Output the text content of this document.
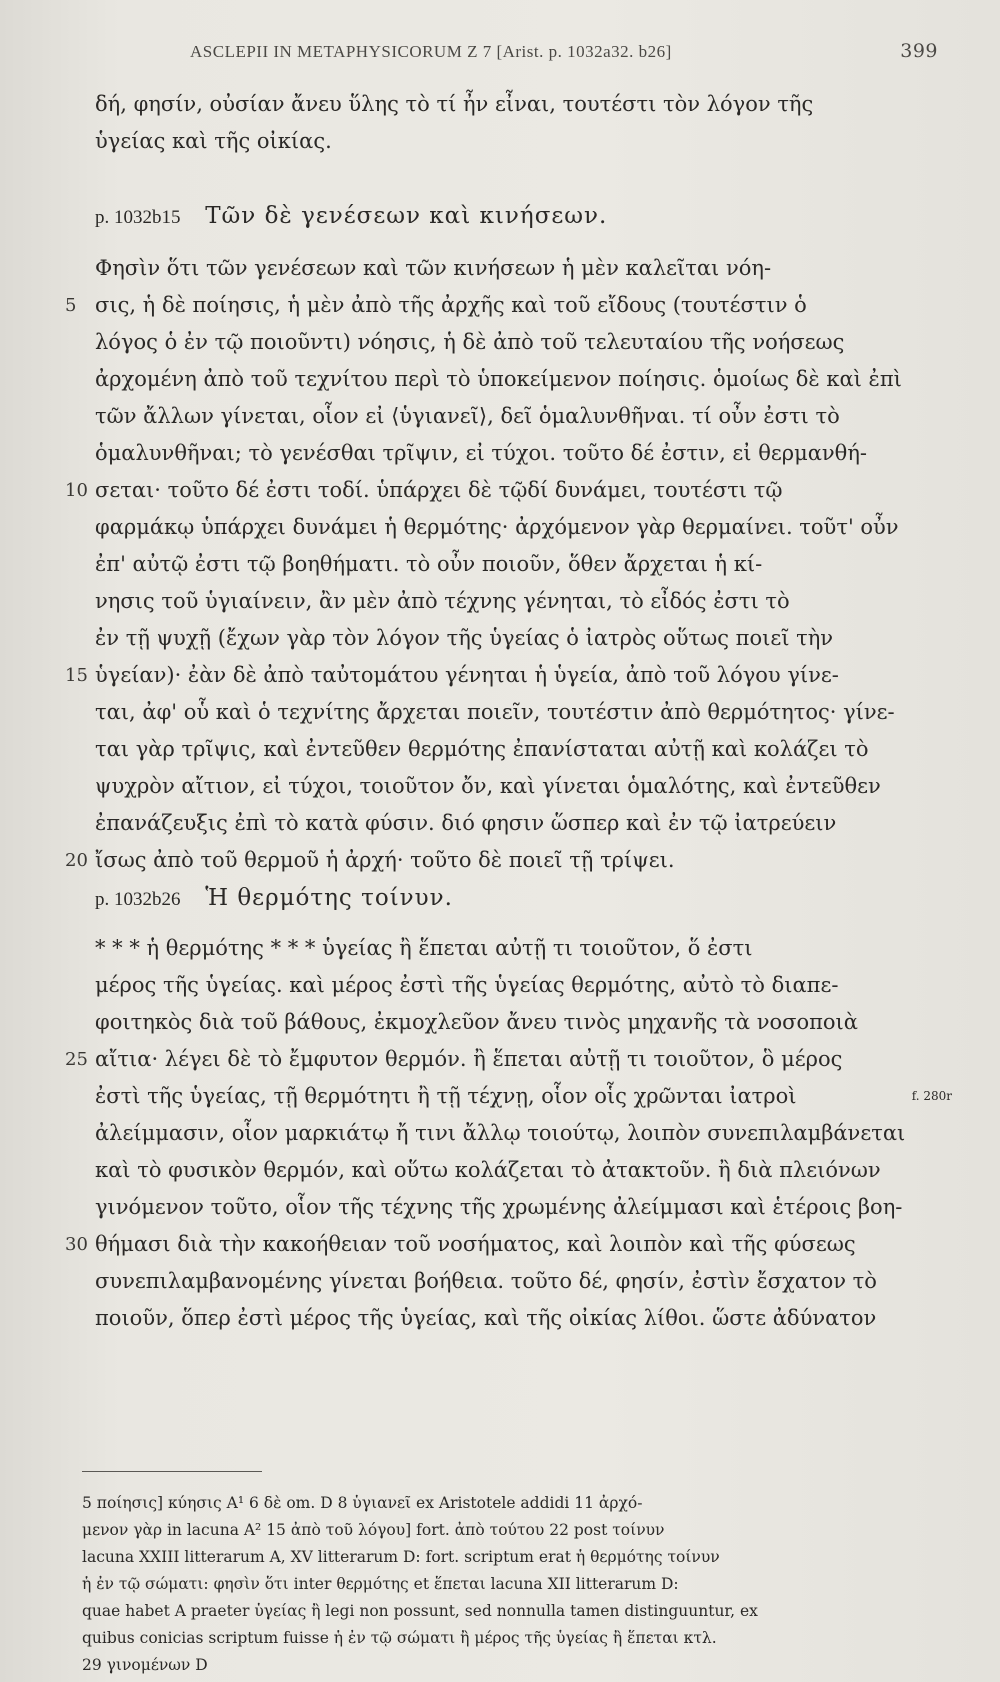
ASCLEPII IN METAPHYSICORUM Z 7 [Arist. p. 1032a32. b26]	399
δή, φησίν, οὐσίαν ἄνευ ὕλης τὸ τί ἦν εἶναι, τουτέστι τὸν λόγον τῆς
ὑγείας καὶ τῆς οἰκίας.
p. 1032b15 Τῶν δὲ γενέσεων καὶ κινήσεων.
Φησὶν ὅτι τῶν γενέσεων καὶ τῶν κινήσεων ἡ μὲν καλεῖται νόη-
5 σις, ἡ δὲ ποίησις, ἡ μὲν ἀπὸ τῆς ἀρχῆς καὶ τοῦ εἴδους (τουτέστιν ὁ
λόγος ὁ ἐν τῷ ποιοῦντι) νόησις, ἡ δὲ ἀπὸ τοῦ τελευταίου τῆς νοήσεως
ἀρχομένη ἀπὸ τοῦ τεχνίτου περὶ τὸ ὑποκείμενον ποίησις. ὁμοίως δὲ καὶ ἐπὶ
τῶν ἄλλων γίνεται, οἷον εἰ ⟨ὑγιανεῖ⟩, δεῖ ὁμαλυνθῆναι. τί οὖν ἐστι τὸ
ὁμαλυνθῆναι; τὸ γενέσθαι τρῖψιν, εἰ τύχοι. τοῦτο δέ ἐστιν, εἰ θερμανθή-
10 σεται· τοῦτο δέ ἐστι τοδί. ὑπάρχει δὲ τῷδί δυνάμει, τουτέστι τῷ
φαρμάκῳ ὑπάρχει δυνάμει ἡ θερμότης· ἀρχόμενον γὰρ θερμαίνει. τοῦτ' οὖν
ἐπ' αὐτῷ ἐστι τῷ βοηθήματι. τὸ οὖν ποιοῦν, ὅθεν ἄρχεται ἡ κί-
νησις τοῦ ὑγιαίνειν, ἂν μὲν ἀπὸ τέχνης γένηται, τὸ εἶδός ἐστι τὸ
ἐν τῇ ψυχῇ (ἔχων γὰρ τὸν λόγον τῆς ὑγείας ὁ ἰατρὸς οὕτως ποιεῖ τὴν
15 ὑγείαν)· ἐὰν δὲ ἀπὸ ταὐτομάτου γένηται ἡ ὑγεία, ἀπὸ τοῦ λόγου γίνε-
ται, ἀφ' οὗ καὶ ὁ τεχνίτης ἄρχεται ποιεῖν, τουτέστιν ἀπὸ θερμότητος· γίνε-
ται γὰρ τρῖψις, καὶ ἐντεῦθεν θερμότης ἐπανίσταται αὐτῇ καὶ κολάζει τὸ
ψυχρὸν αἴτιον, εἰ τύχοι, τοιοῦτον ὄν, καὶ γίνεται ὁμαλότης, καὶ ἐντεῦθεν
ἐπανάζευξις ἐπὶ τὸ κατὰ φύσιν. διό φησιν ὥσπερ καὶ ἐν τῷ ἰατρεύειν
20 ἴσως ἀπὸ τοῦ θερμοῦ ἡ ἀρχή· τοῦτο δὲ ποιεῖ τῇ τρίψει.
p. 1032b26 Ἡ θερμότης τοίνυν.
* * * ἡ θερμότης * * * ὑγείας ἢ ἕπεται αὐτῇ τι τοιοῦτον, ὅ ἐστι
μέρος τῆς ὑγείας. καὶ μέρος ἐστὶ τῆς ὑγείας θερμότης, αὐτὸ τὸ διαπε-
φοιτηκὸς διὰ τοῦ βάθους, ἐκμοχλεῦον ἄνευ τινὸς μηχανῆς τὰ νοσοποιὰ
25 αἴτια· λέγει δὲ τὸ ἔμφυτον θερμόν. ἢ ἕπεται αὐτῇ τι τοιοῦτον, ὃ μέρος
ἐστὶ τῆς ὑγείας, τῇ θερμότητι ἢ τῇ τέχνῃ, οἷον οἷς χρῶνται ἰατροὶ	f. 280r
ἀλείμμασιν, οἷον μαρκιάτῳ ἤ τινι ἄλλῳ τοιούτῳ, λοιπὸν συνεπιλαμβάνεται
καὶ τὸ φυσικὸν θερμόν, καὶ οὕτω κολάζεται τὸ ἀτακτοῦν. ἢ διὰ πλειόνων
γινόμενον τοῦτο, οἷον τῆς τέχνης τῆς χρωμένης ἀλείμμασι καὶ ἑτέροις βοη-
30 θήμασι διὰ τὴν κακοήθειαν τοῦ νοσήματος, καὶ λοιπὸν καὶ τῆς φύσεως
συνεπιλαμβανομένης γίνεται βοήθεια. τοῦτο δέ, φησίν, ἐστὶν ἔσχατον τὸ
ποιοῦν, ὅπερ ἐστὶ μέρος τῆς ὑγείας, καὶ τῆς οἰκίας λίθοι. ὥστε ἀδύνατον
5 ποίησις] κύησις A¹ 6 δὲ om. D 8 ὑγιανεῖ ex Aristotele addidi 11 ἀρχό-
μενον γὰρ in lacuna A² 15 ἀπὸ τοῦ λόγου] fort. ἀπὸ τούτου 22 post τοίνυν
lacuna XXIII litterarum A, XV litterarum D: fort. scriptum erat ἡ θερμότης τοίνυν
ἡ ἐν τῷ σώματι: φησὶν ὅτι inter θερμότης et ἕπεται lacuna XII litterarum D:
quae habet A praeter ὑγείας ἢ legi non possunt, sed nonnulla tamen distinguuntur, ex
quibus conicias scriptum fuisse ἡ ἐν τῷ σώματι ἢ μέρος τῆς ὑγείας ἢ ἕπεται κτλ.
29 γινομένων D
